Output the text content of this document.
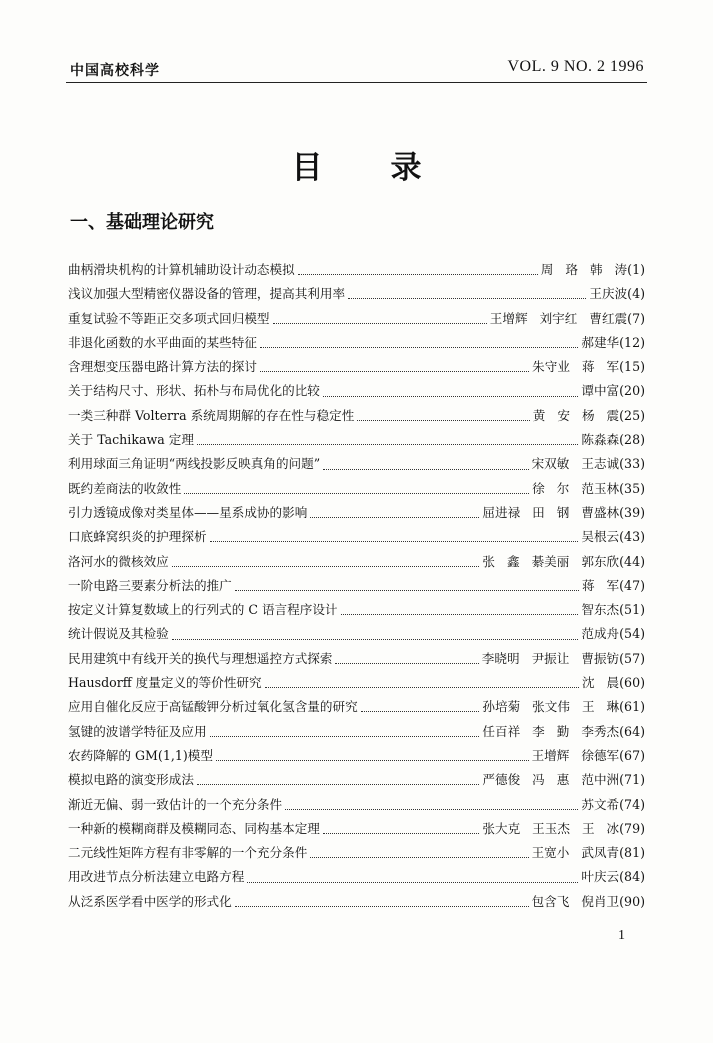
中国高校科学	VOL. 9 NO. 2 1996
目录
一、基础理论研究
曲柄滑块机构的计算机辅助设计动态模拟	周 珞 韩 涛 (1)
浅议加强大型精密仪器设备的管理，提高其利用率	王庆波 (4)
重复试验不等距正交多项式回归模型	王增辉 刘宇红 曹红震 (7)
非退化函数的水平曲面的某些特征	郝建华 (12)
含理想变压器电路计算方法的探讨	朱守业 蒋 军 (15)
关于结构尺寸、形状、拓朴与布局优化的比较	谭中富 (20)
一类三种群 Volterra 系统周期解的存在性与稳定性	黄 安 杨 震 (25)
关于 Tachikawa 定理	陈淼森 (28)
利用球面三角证明“两线投影反映真角的问题”	宋双敏 王志诚 (33)
既约差商法的收敛性	徐 尔 范玉林 (35)
引力透镜成像对类星体——星系成协的影响	屈进禄 田 钢 曹盛林 (39)
口底蜂窝织炎的护理探析	吴根云 (43)
洛河水的微核效应	张 鑫 綦美丽 郭东欣 (44)
一阶电路三要素分析法的推广	蒋 军 (47)
按定义计算复数域上的行列式的 C 语言程序设计	智东杰 (51)
统计假说及其检验	范成舟 (54)
民用建筑中有线开关的换代与理想遥控方式探索	李晓明 尹振让 曹振钫 (57)
Hausdorff 度量定义的等价性研究	沈 晨 (60)
应用自催化反应于高锰酸钾分析过氧化氢含量的研究	孙培菊 张文伟 王 琳 (61)
氢键的波谱学特征及应用	任百祥 李 勤 李秀杰 (64)
农药降解的 GM(1,1)模型	王增辉 徐德军 (67)
模拟电路的演变形成法	严德俊 冯 惠 范中洲 (71)
渐近无偏、弱一致估计的一个充分条件	苏文希 (74)
一种新的模糊商群及模糊同态、同构基本定理	张大克 王玉杰 王 冰 (79)
二元线性矩阵方程有非零解的一个充分条件	王宽小 武凤青 (81)
用改进节点分析法建立电路方程	叶庆云 (84)
从泛系医学看中医学的形式化	包含飞 倪肖卫 (90)
1
